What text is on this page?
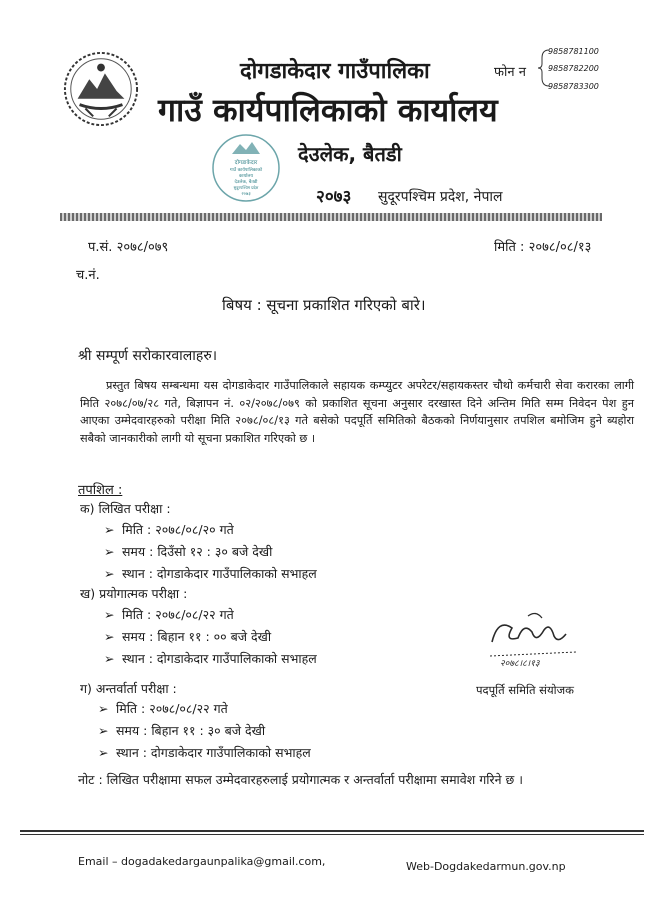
दोगडाकेदार गाउँपालिका
गाउँ कार्यपालिकाको कार्यालय
फोन न
9858781100
9858782200
9858783300
दोगडाकेदार
गाउँ कार्यपालिकाको
कार्यालय
देउलेक, बैतडी
सुदूरपश्चिम प्रदेश
२०७३
देउलेक, बैतडी
२०७३ सुदूरपश्चिम प्रदेश, नेपाल
प.सं. २०७८/०७९	मिति : २०७८/०८/१३
च.नं.
बिषय : सूचना प्रकाशित गरिएको बारे।
श्री सम्पूर्ण सरोकारवालाहरु।
प्रस्तुत बिषय सम्बन्धमा यस दोगडाकेदार गाउँपालिकाले सहायक कम्प्युटर अपरेटर/सहायकस्तर चौथो कर्मचारी सेवा करारका लागी मिति २०७८/०७/२८ गते, बिज्ञापन नं. ०२/२०७८/०७९ को प्रकाशित सूचना अनुसार दरखास्त दिने अन्तिम मिति सम्म निवेदन पेश हुन आएका उम्मेदवारहरुको परीक्षा मिति २०७८/०८/१३ गते बसेको पदपूर्ति समितिको बैठकको निर्णयानुसार तपशिल बमोजिम हुने ब्यहोरा सबैको जानकारीको लागी यो सूचना प्रकाशित गरिएको छ ।
तपशिल :
क) लिखित परीक्षा :
➢ मिति : २०७८/०८/२० गते
➢ समय : दिउँसो १२ : ३० बजे देखी
➢ स्थान : दोगडाकेदार गाउँपालिकाको सभाहल
ख) प्रयोगात्मक परीक्षा :
➢ मिति : २०७८/०८/२२ गते
➢ समय : बिहान ११ : ०० बजे देखी
➢ स्थान : दोगडाकेदार गाउँपालिकाको सभाहल
ग) अन्तर्वार्ता परीक्षा :
➢ मिति : २०७८/०८/२२ गते
➢ समय : बिहान ११ : ३० बजे देखी
➢ स्थान : दोगडाकेदार गाउँपालिकाको सभाहल
२०७८।८।१३
पदपूर्ति समिति संयोजक
नोट : लिखित परीक्षामा सफल उम्मेदवारहरुलाई प्रयोगात्मक र अन्तर्वार्ता परीक्षामा समावेश गरिने छ ।
Email – dogadakedargaunpalika@gmail.com,	Web-Dogdakedarmun.gov.np
